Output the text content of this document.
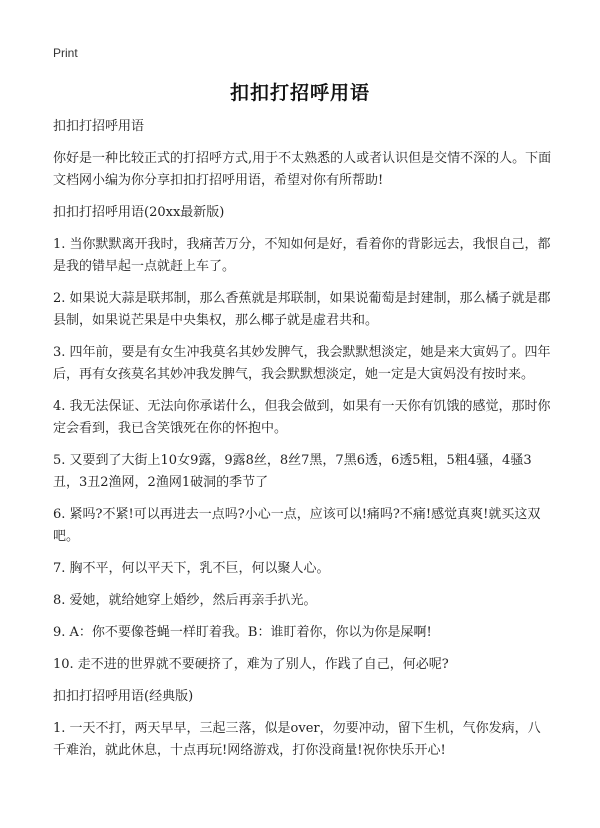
Print
扣扣打招呼用语

扣扣打招呼用语

你好是一种比较正式的打招呼方式,用于不太熟悉的人或者认识但是交情不深的人。下面文档网小编为你分享扣扣打招呼用语，希望对你有所帮助!

扣扣打招呼用语(20xx最新版)

1. 当你默默离开我时，我痛苦万分，不知如何是好，看着你的背影远去，我恨自己，都是我的错早起一点就赶上车了。

2. 如果说大蒜是联邦制，那么香蕉就是邦联制，如果说葡萄是封建制，那么橘子就是郡县制，如果说芒果是中央集权，那么椰子就是虚君共和。

3. 四年前，要是有女生冲我莫名其妙发脾气，我会默默想淡定，她是来大寅妈了。四年后，再有女孩莫名其妙冲我发脾气，我会默默想淡定，她一定是大寅妈没有按时来。

4. 我无法保证、无法向你承诺什么，但我会做到，如果有一天你有饥饿的感觉，那时你定会看到，我已含笑饿死在你的怀抱中。

5. 又要到了大街上10女9露，9露8丝，8丝7黑，7黑6透，6透5粗，5粗4骚，4骚3丑，3丑2渔网，2渔网1破洞的季节了

6. 紧吗?不紧!可以再进去一点吗?小心一点，应该可以!痛吗?不痛!感觉真爽!就买这双吧。

7. 胸不平，何以平天下，乳不巨，何以聚人心。

8. 爱她，就给她穿上婚纱，然后再亲手扒光。

9. A：你不要像苍蝇一样盯着我。B：谁盯着你，你以为你是屎啊!

10. 走不进的世界就不要硬挤了，难为了别人，作践了自己，何必呢?

扣扣打招呼用语(经典版)

1. 一天不打，两天早早，三起三落，似是over，勿要冲动，留下生机，气你发病，八千难治，就此休息，十点再玩!网络游戏，打你没商量!祝你快乐开心!
